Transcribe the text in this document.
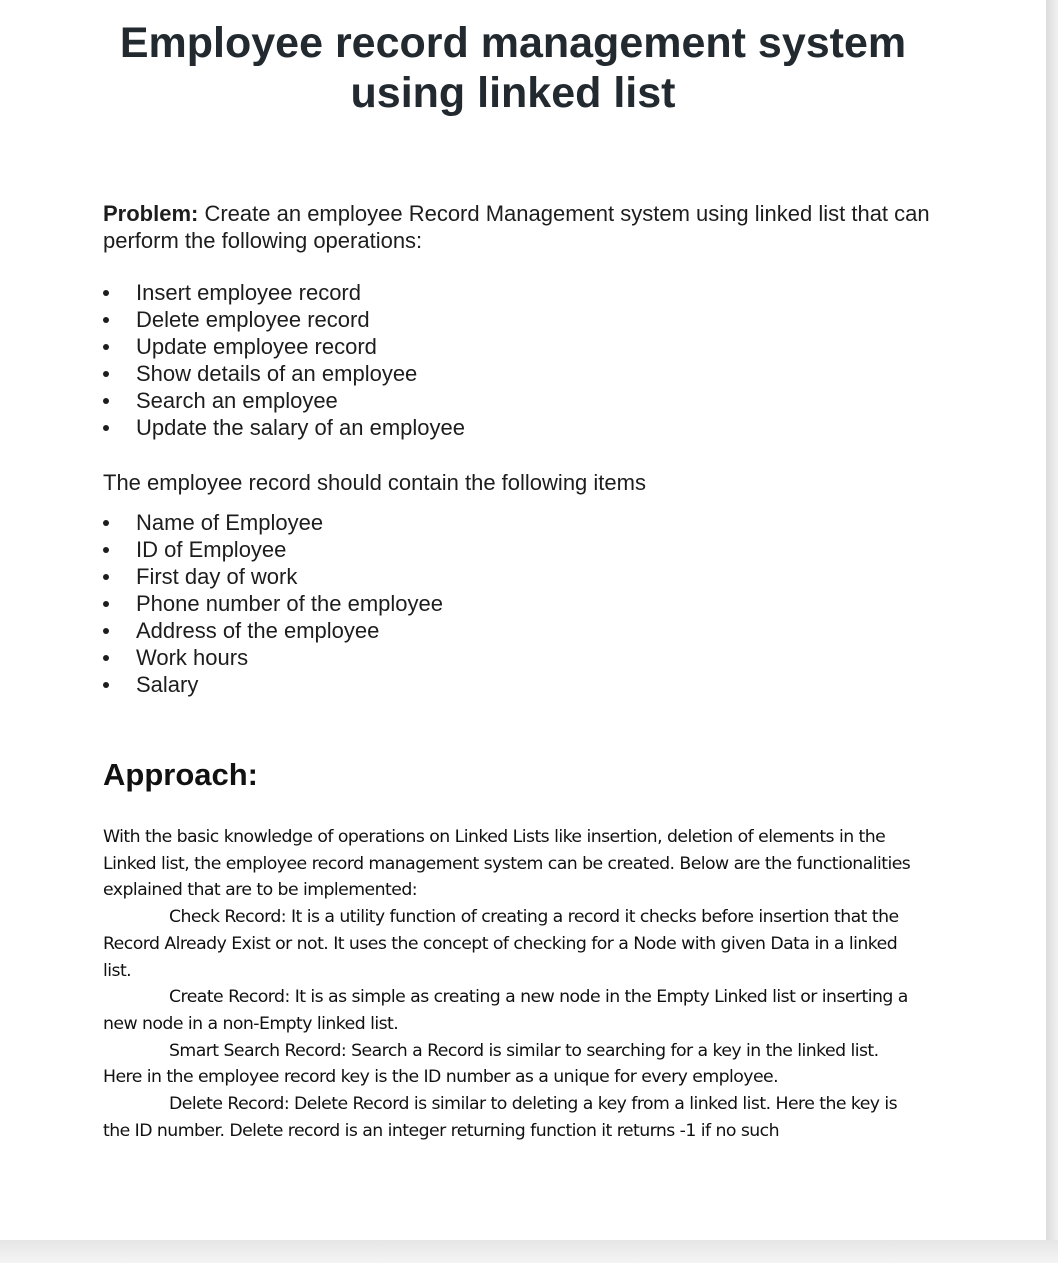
Employee record management system
using linked list

Problem: Create an employee Record Management system using linked list that can perform the following operations:

Insert employee record
Delete employee record
Update employee record
Show details of an employee
Search an employee
Update the salary of an employee

The employee record should contain the following items

Name of Employee
ID of Employee
First day of work
Phone number of the employee
Address of the employee
Work hours
Salary
Approach:

With the basic knowledge of operations on Linked Lists like insertion, deletion of elements in the Linked list, the employee record management system can be created. Below are the functionalities explained that are to be implemented:

Check Record: It is a utility function of creating a record it checks before insertion that the Record Already Exist or not. It uses the concept of checking for a Node with given Data in a linked list.

Create Record: It is as simple as creating a new node in the Empty Linked list or inserting a new node in a non-Empty linked list.

Smart Search Record: Search a Record is similar to searching for a key in the linked list. Here in the employee record key is the ID number as a unique for every employee.

Delete Record: Delete Record is similar to deleting a key from a linked list. Here the key is the ID number. Delete record is an integer returning function it returns -1 if no such
